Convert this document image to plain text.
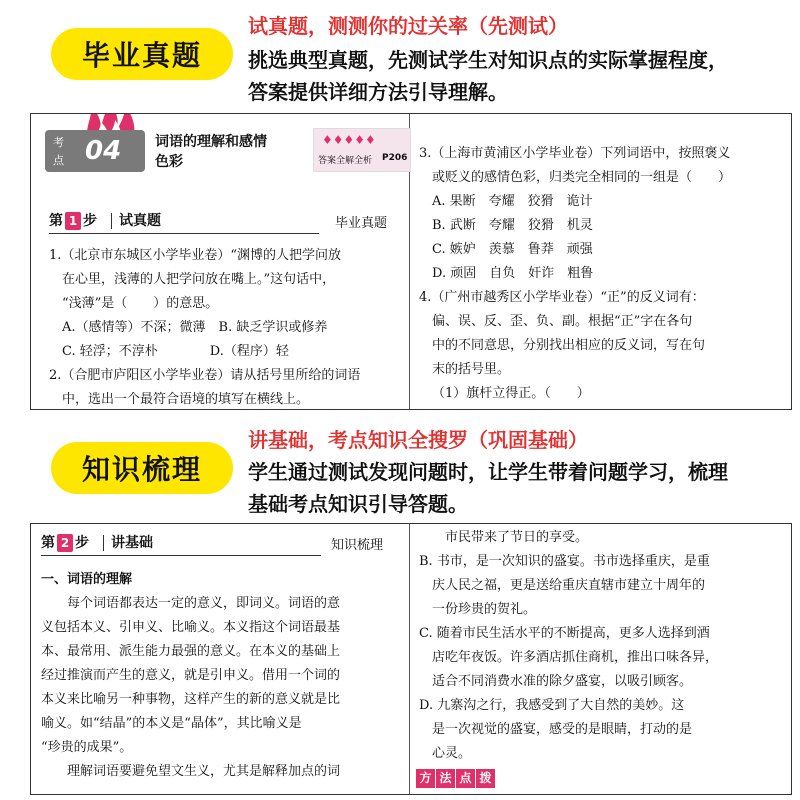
毕业真题
试真题，测测你的过关率（先测试）
挑选典型真题，先测试学生对知识点的实际掌握程度，
答案提供详细方法引导理解。
考
点 04 词语的理解和感情
色彩
♦♦♦♦♦
答案全解全析 P206
第 1 步 试真题	毕业真题

1.（北京市东城区小学毕业卷）“渊博的人把学问放

在心里，浅薄的人把学问放在嘴上。”这句话中，

“浅薄”是（　　）的意思。

A.（感情等）不深；微薄　B. 缺乏学识或修养

C. 轻浮；不淳朴　　　　D.（程序）轻

2.（合肥市庐阳区小学毕业卷）请从括号里所给的词语

中，选出一个最符合语境的填写在横线上。

3.（上海市黄浦区小学毕业卷）下列词语中，按照褒义

或贬义的感情色彩，归类完全相同的一组是（　　）

A. 果断　夸耀　狡猾　诡计

B. 武断　夸耀　狡猾　机灵

C. 嫉妒　羡慕　鲁莽　顽强

D. 顽固　自负　奸诈　粗鲁

4.（广州市越秀区小学毕业卷）“正”的反义词有：

偏、误、反、歪、负、副。根据“正”字在各句

中的不同意思，分别找出相应的反义词，写在句

末的括号里。

（1）旗杆立得正。（　　）

知识梳理
讲基础，考点知识全搜罗（巩固基础）
学生通过测试发现问题时，让学生带着问题学习，梳理
基础考点知识引导答题。
第 2 步 讲基础	知识梳理

一、词语的理解

每个词语都表达一定的意义，即词义。词语的意

义包括本义、引申义、比喻义。本义指这个词语最基

本、最常用、派生能力最强的意义。在本义的基础上

经过推演而产生的意义，就是引申义。借用一个词的

本义来比喻另一种事物，这样产生的新的意义就是比

喻义。如“结晶”的本义是“晶体”，其比喻义是

“珍贵的成果”。

理解词语要避免望文生义，尤其是解释加点的词

市民带来了节日的享受。

B. 书市，是一次知识的盛宴。书市选择重庆，是重

庆人民之福，更是送给重庆直辖市建立十周年的

一份珍贵的贺礼。

C. 随着市民生活水平的不断提高，更多人选择到酒

店吃年夜饭。许多酒店抓住商机，推出口味各异，

适合不同消费水准的除夕盛宴，以吸引顾客。

D. 九寨沟之行，我感受到了大自然的美妙。这

是一次视觉的盛宴，感受的是眼睛，打动的是

心灵。

方 法 点 拨
